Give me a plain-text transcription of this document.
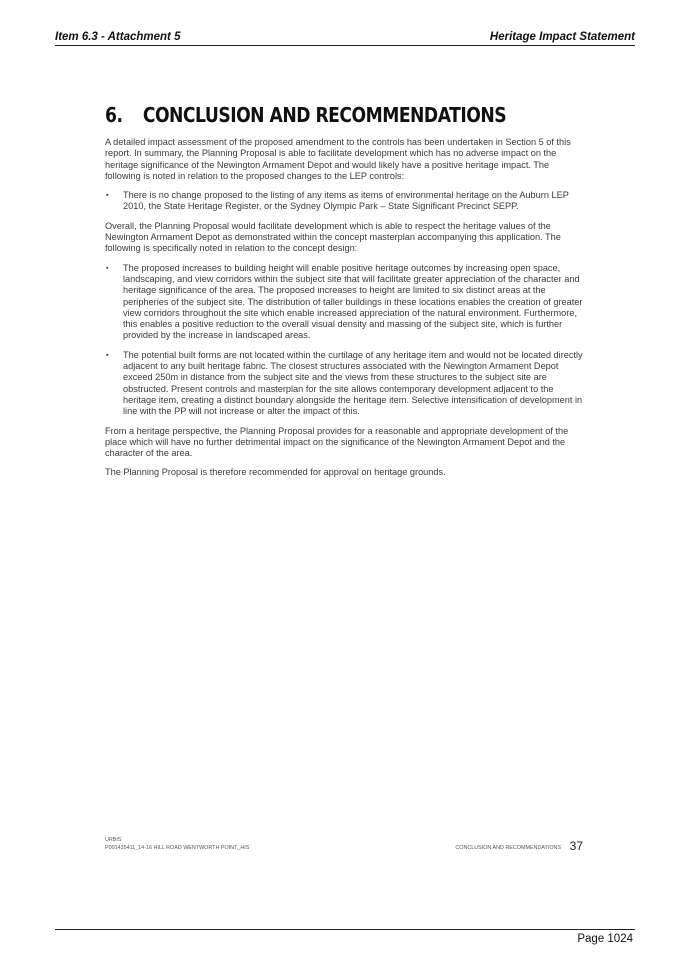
Item 6.3 - Attachment 5	Heritage Impact Statement
6. CONCLUSION AND RECOMMENDATIONS

A detailed impact assessment of the proposed amendment to the controls has been undertaken in Section 5 of this report. In summary, the Planning Proposal is able to facilitate development which has no adverse impact on the heritage significance of the Newington Armament Depot and would likely have a positive heritage impact. The following is noted in relation to the proposed changes to the LEP controls:

▪ There is no change proposed to the listing of any items as items of environmental heritage on the Auburn LEP 2010, the State Heritage Register, or the Sydney Olympic Park – State Significant Precinct SEPP.

Overall, the Planning Proposal would facilitate development which is able to respect the heritage values of the Newington Armament Depot as demonstrated within the concept masterplan accompanying this application. The following is specifically noted in relation to the concept design:

▪ The proposed increases to building height will enable positive heritage outcomes by increasing open space, landscaping, and view corridors within the subject site that will facilitate greater appreciation of the character and heritage significance of the area. The proposed increases to height are limited to six distinct areas at the peripheries of the subject site. The distribution of taller buildings in these locations enables the creation of greater view corridors throughout the site which enable increased appreciation of the natural environment. Furthermore, this enables a positive reduction to the overall visual density and massing of the subject site, which is further provided by the increase in landscaped areas.
▪ The potential built forms are not located within the curtilage of any heritage item and would not be located directly adjacent to any built heritage fabric. The closest structures associated with the Newington Armament Depot exceed 250m in distance from the subject site and the views from these structures to the subject site are obstructed. Present controls and masterplan for the site allows contemporary development adjacent to the heritage item, creating a distinct boundary alongside the heritage item. Selective intensification of development in line with the PP will not increase or alter the impact of this.

From a heritage perspective, the Planning Proposal provides for a reasonable and appropriate development of the place which will have no further detrimental impact on the significance of the Newington Armament Depot and the character of the area.

The Planning Proposal is therefore recommended for approval on heritage grounds.

URBIS
P0014354​11_14-16 HILL ROAD WENTWORTH POINT_HIS	CONCLUSION AND RECOMMENDATIONS 37
Page 1024
